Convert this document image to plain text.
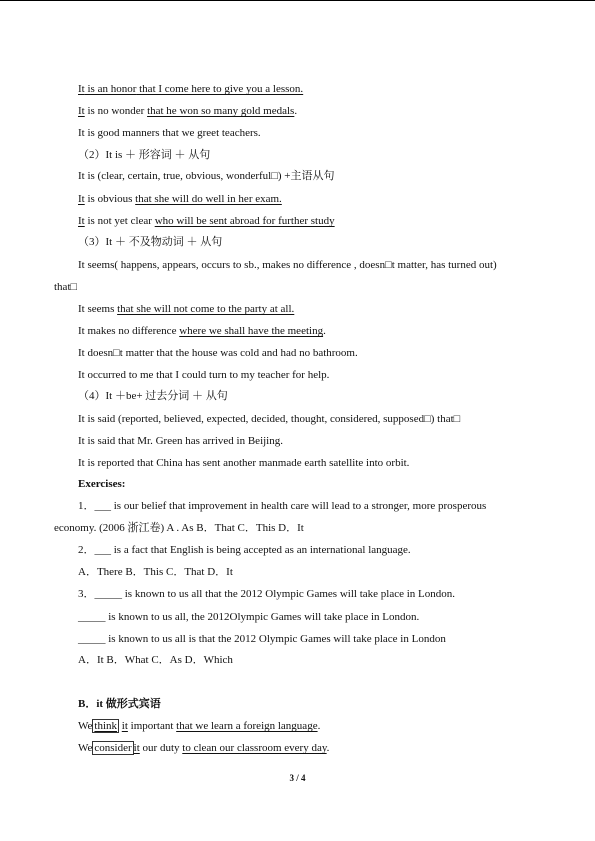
It is an honor that I come here to give you a lesson.
It is no wonder that he won so many gold medals.
It is good manners that we greet teachers.
（2）It is ＋ 形容词 ＋ 从句
It is (clear, certain, true, obvious, wonderful□) +主语从句
It is obvious that she will do well in her exam.
It is not yet clear who will be sent abroad for further study
（3）It ＋ 不及物动词 ＋ 从句
It seems( happens, appears, occurs to sb., makes no difference , doesn□t matter, has turned out)
that□
It seems that she will not come to the party at all.
It makes no difference where we shall have the meeting.
It doesn□t matter that the house was cold and had no bathroom.
It occurred to me that I could turn to my teacher for help.
（4）It ＋be+ 过去分词 ＋ 从句
It is said (reported, believed, expected, decided, thought, considered, supposed□) that□
It is said that Mr. Green has arrived in Beijing.
It is reported that China has sent another manmade earth satellite into orbit.
Exercises:
1．___ is our belief that improvement in health care will lead to a stronger, more prosperous
economy. (2006 浙江卷) A . As B．That C．This D．It
2．___ is a fact that English is being accepted as an international language.
A．There B．This C．That D．It
3．_____ is known to us all that the 2012 Olympic Games will take place in London.
_____ is known to us all, the 2012Olympic Games will take place in London.
_____ is known to us all is that the 2012 Olympic Games will take place in London
A．It B．What C．As D．Which
B．it 做形式宾语
We think it important that we learn a foreign language.
We consider it our duty to clean our classroom every day.
3 / 4
